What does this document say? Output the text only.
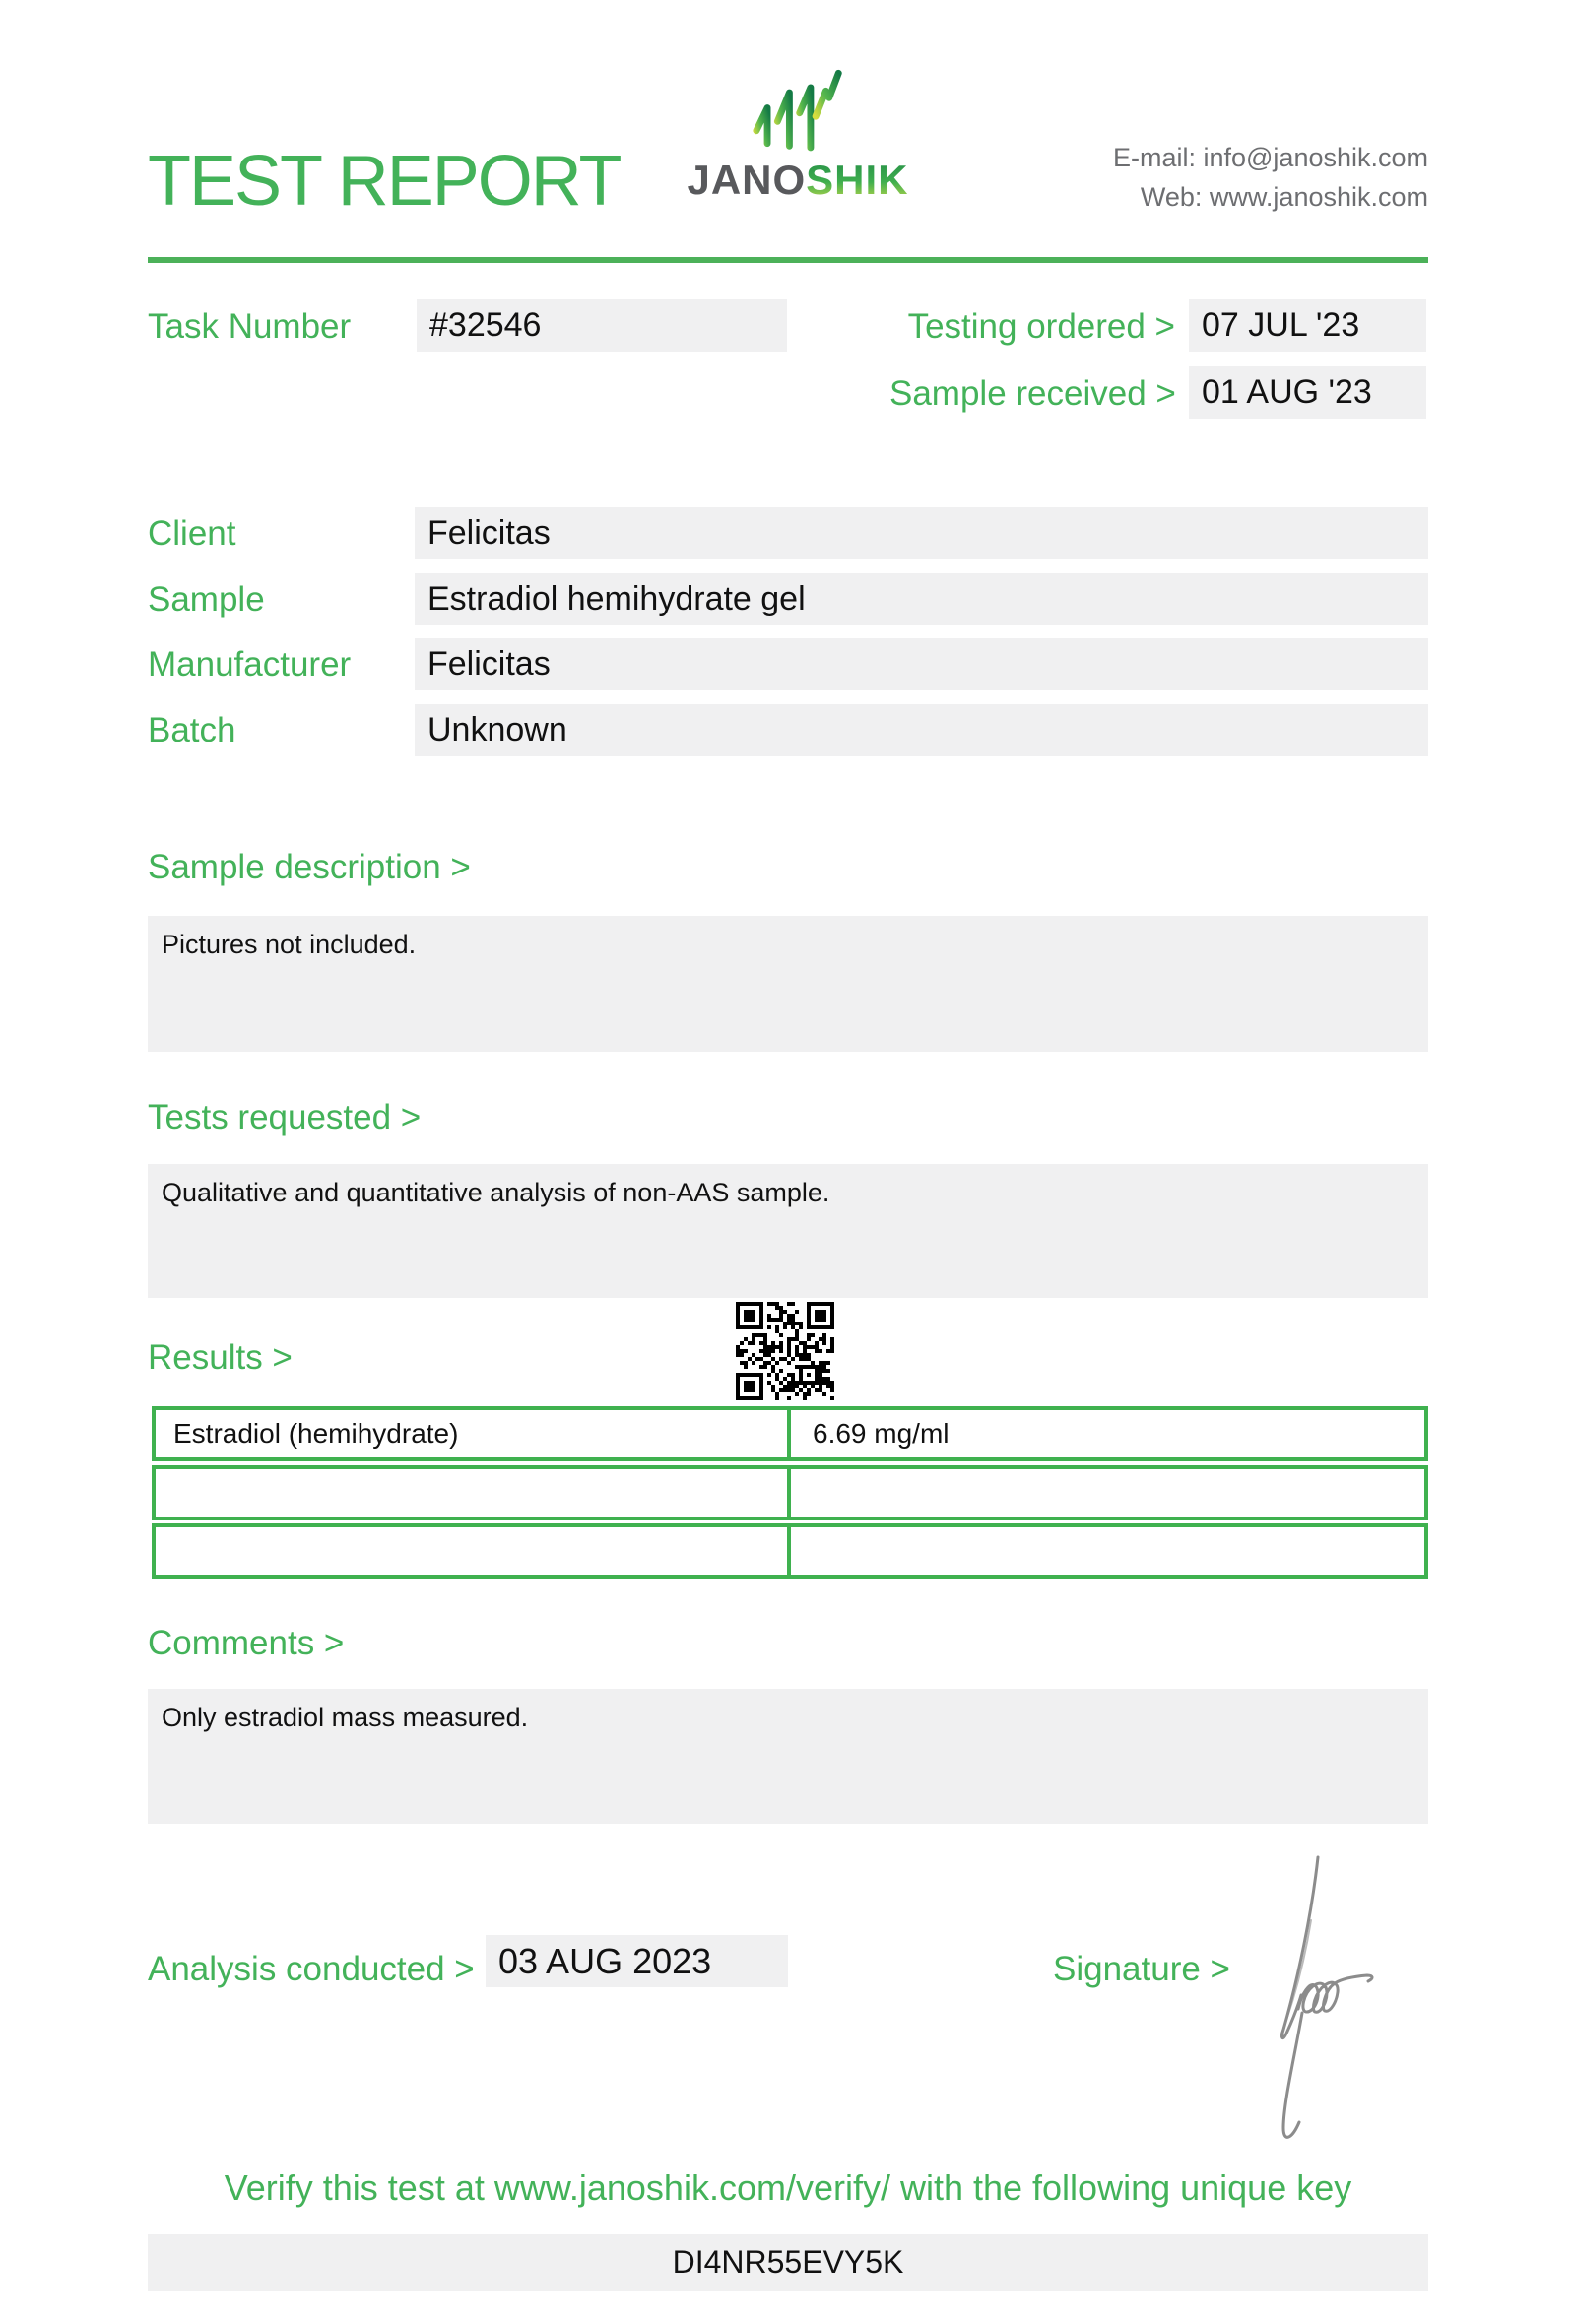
TEST REPORT JANOSHIK	E-mail: info@janoshik.com
Web: www.janoshik.com
Task Number	#32546	Testing ordered > 07 JUL '23
Sample received > 01 AUG '23
Client	Felicitas
Sample	Estradiol hemihydrate gel
Manufacturer	Felicitas
Batch	Unknown
Sample description >
Pictures not included.
Tests requested >
Qualitative and quantitative analysis of non-AAS sample.
Results >
Estradiol (hemihydrate)	6.69 mg/ml
Comments >
Only estradiol mass measured.
Analysis conducted > 03 AUG 2023	Signature >
Verify this test at www.janoshik.com/verify/ with the following unique key
DI4NR55EVY5K
